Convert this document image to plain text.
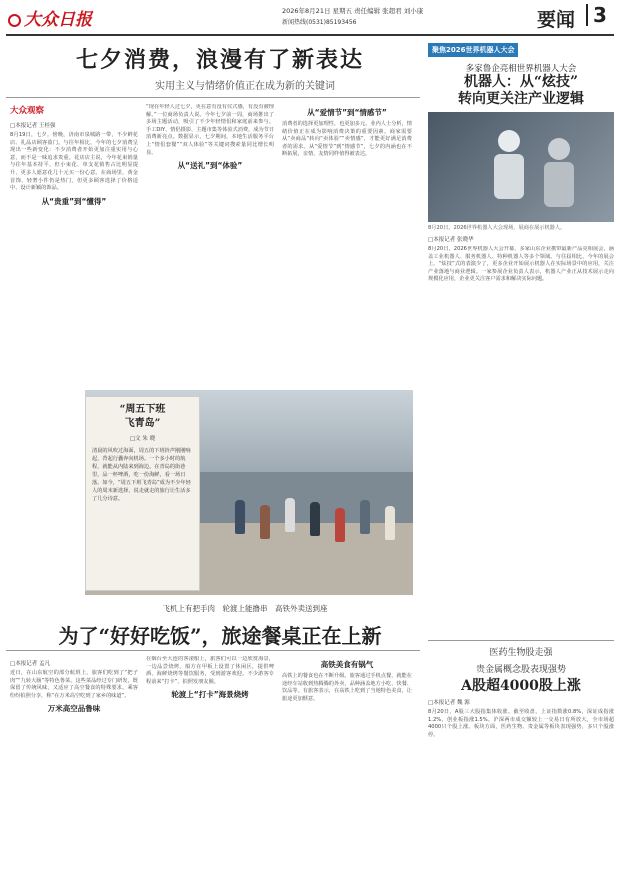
大众日报	2026年8月21日 星期五 责任编辑 张超君 刘小康
新闻热线(0531)85193456	要闻 3
七夕消费，浪漫有了新表达
实用主义与情绪价值正在成为新的关键词
大众观察
□本报记者 王桂强
8月19日，七夕。傍晚，济南市泉城路一带，不少鲜花店、礼品店顾客盈门。与往年相比，今年的七夕消费呈现出一些新变化：不少消费者开始更加注重实用与心意，而不是一味追求贵重。花店店主说，今年花束销量与往年基本持平，但小束花、单支花销售占比明显提升，更多人愿意花几十元买一份心意。在商场里，黄金首饰、轻奢小件仍是热门，但更多顾客选择了价格适中、设计新颖的饰品。
从“贵重”到“懂得”
“现在年轻人过七夕，更在意有没有仪式感，有没有被理解。”一位商场负责人说。今年七夕前一周，商场推出了多场主题活动，吸引了不少年轻情侣和家庭前来参与。手工DIY、情侣摄影、主题市集等体验式消费，成为节日消费新亮点。数据显示，七夕期间，本地生活服务平台上“情侣套餐”“双人体验”等关键词搜索量同比增长明显。
从“送礼”到“体验”
从“爱情节”到“情感节”
消费者的选择更加理性，也更加多元。业内人士分析，情绪价值正在成为影响消费决策的重要因素。商家需要从“卖商品”转向“卖体验”“卖情感”，才能更好满足消费者的需求。从“爱情节”到“情感节”，七夕的内涵也在不断拓展，亲情、友情同样值得被表达。
“周五下班
飞青岛”
□文 朱 晓
清晨的风吹过海面，周五的下班铃声刚刚响起，背起行囊奔向机场。一个多小时的航程，就能从内陆来到海边。在青岛的街巷里，品一杯啤酒，吃一份海鲜，看一场日落。如今，“周五下班飞青岛”成为不少年轻人的周末新选择，说走就走的旅行让生活多了几分诗意。
飞机上有把手肉　轮渡上能撸串　高铁外卖送到座
为了“好好吃饭”，旅途餐桌正在上新
□本报记者 孟凡
近日，在山东航空的部分航班上，旅客们吃到了“把子肉”“九转大肠”等特色鲁菜。这些菜品经过专门研发，既保留了传统风味，又适应了高空餐食的特殊要求。乘客纷纷拍照分享，称“在万米高空吃到了家乡的味道”。
万米高空品鲁味
在烟台至大连的客滚船上，旅客们可以一边欣赏海景，一边品尝烧烤。船方在甲板上设置了休闲区，提供啤酒、海鲜烧烤等餐饮服务，受到游客欢迎。不少游客专程前来“打卡”，拍照发朋友圈。
轮渡上“打卡”海景烧烤
高铁美食有锅气
高铁上的餐食也在不断升级。旅客通过手机点餐，就能在途经车站收到热腾腾的外卖，品种涵盖地方小吃、快餐、饮品等。有旅客表示，在高铁上吃到了当地特色美食，让旅途更加惬意。
聚焦2026世界机器人大会
多家鲁企亮相世界机器人大会
机器人：从“炫技”
转向更关注产业逻辑
8月20日，2026世界机器人大会现场，展商在展示机器人。
□本报记者 张晓华
8月20日，2026世界机器人大会开幕。多家山东企业携带最新产品亮相展会，涵盖工业机器人、服务机器人、特种机器人等多个领域。与往届相比，今年的展会上，“炫技”式的表演少了，更多企业开始展示机器人在实际场景中的应用，关注产业落地与商业逻辑。一家参展企业负责人表示，机器人产业正从技术展示走向规模化应用，企业更关注客户需求和解决实际问题。
医药生物股走强
贵金属概念股表现强势
A股超4000股上涨
□本报记者 魏 源
8月20日，A股三大股指集体收涨。截至收盘，上证指数涨0.8%，深证成指涨1.2%，创业板指涨1.5%。沪深两市成交额较上一交易日有所放大，全市场超4000只个股上涨。板块方面，医药生物、贵金属等板块表现强势，多只个股涨停。
